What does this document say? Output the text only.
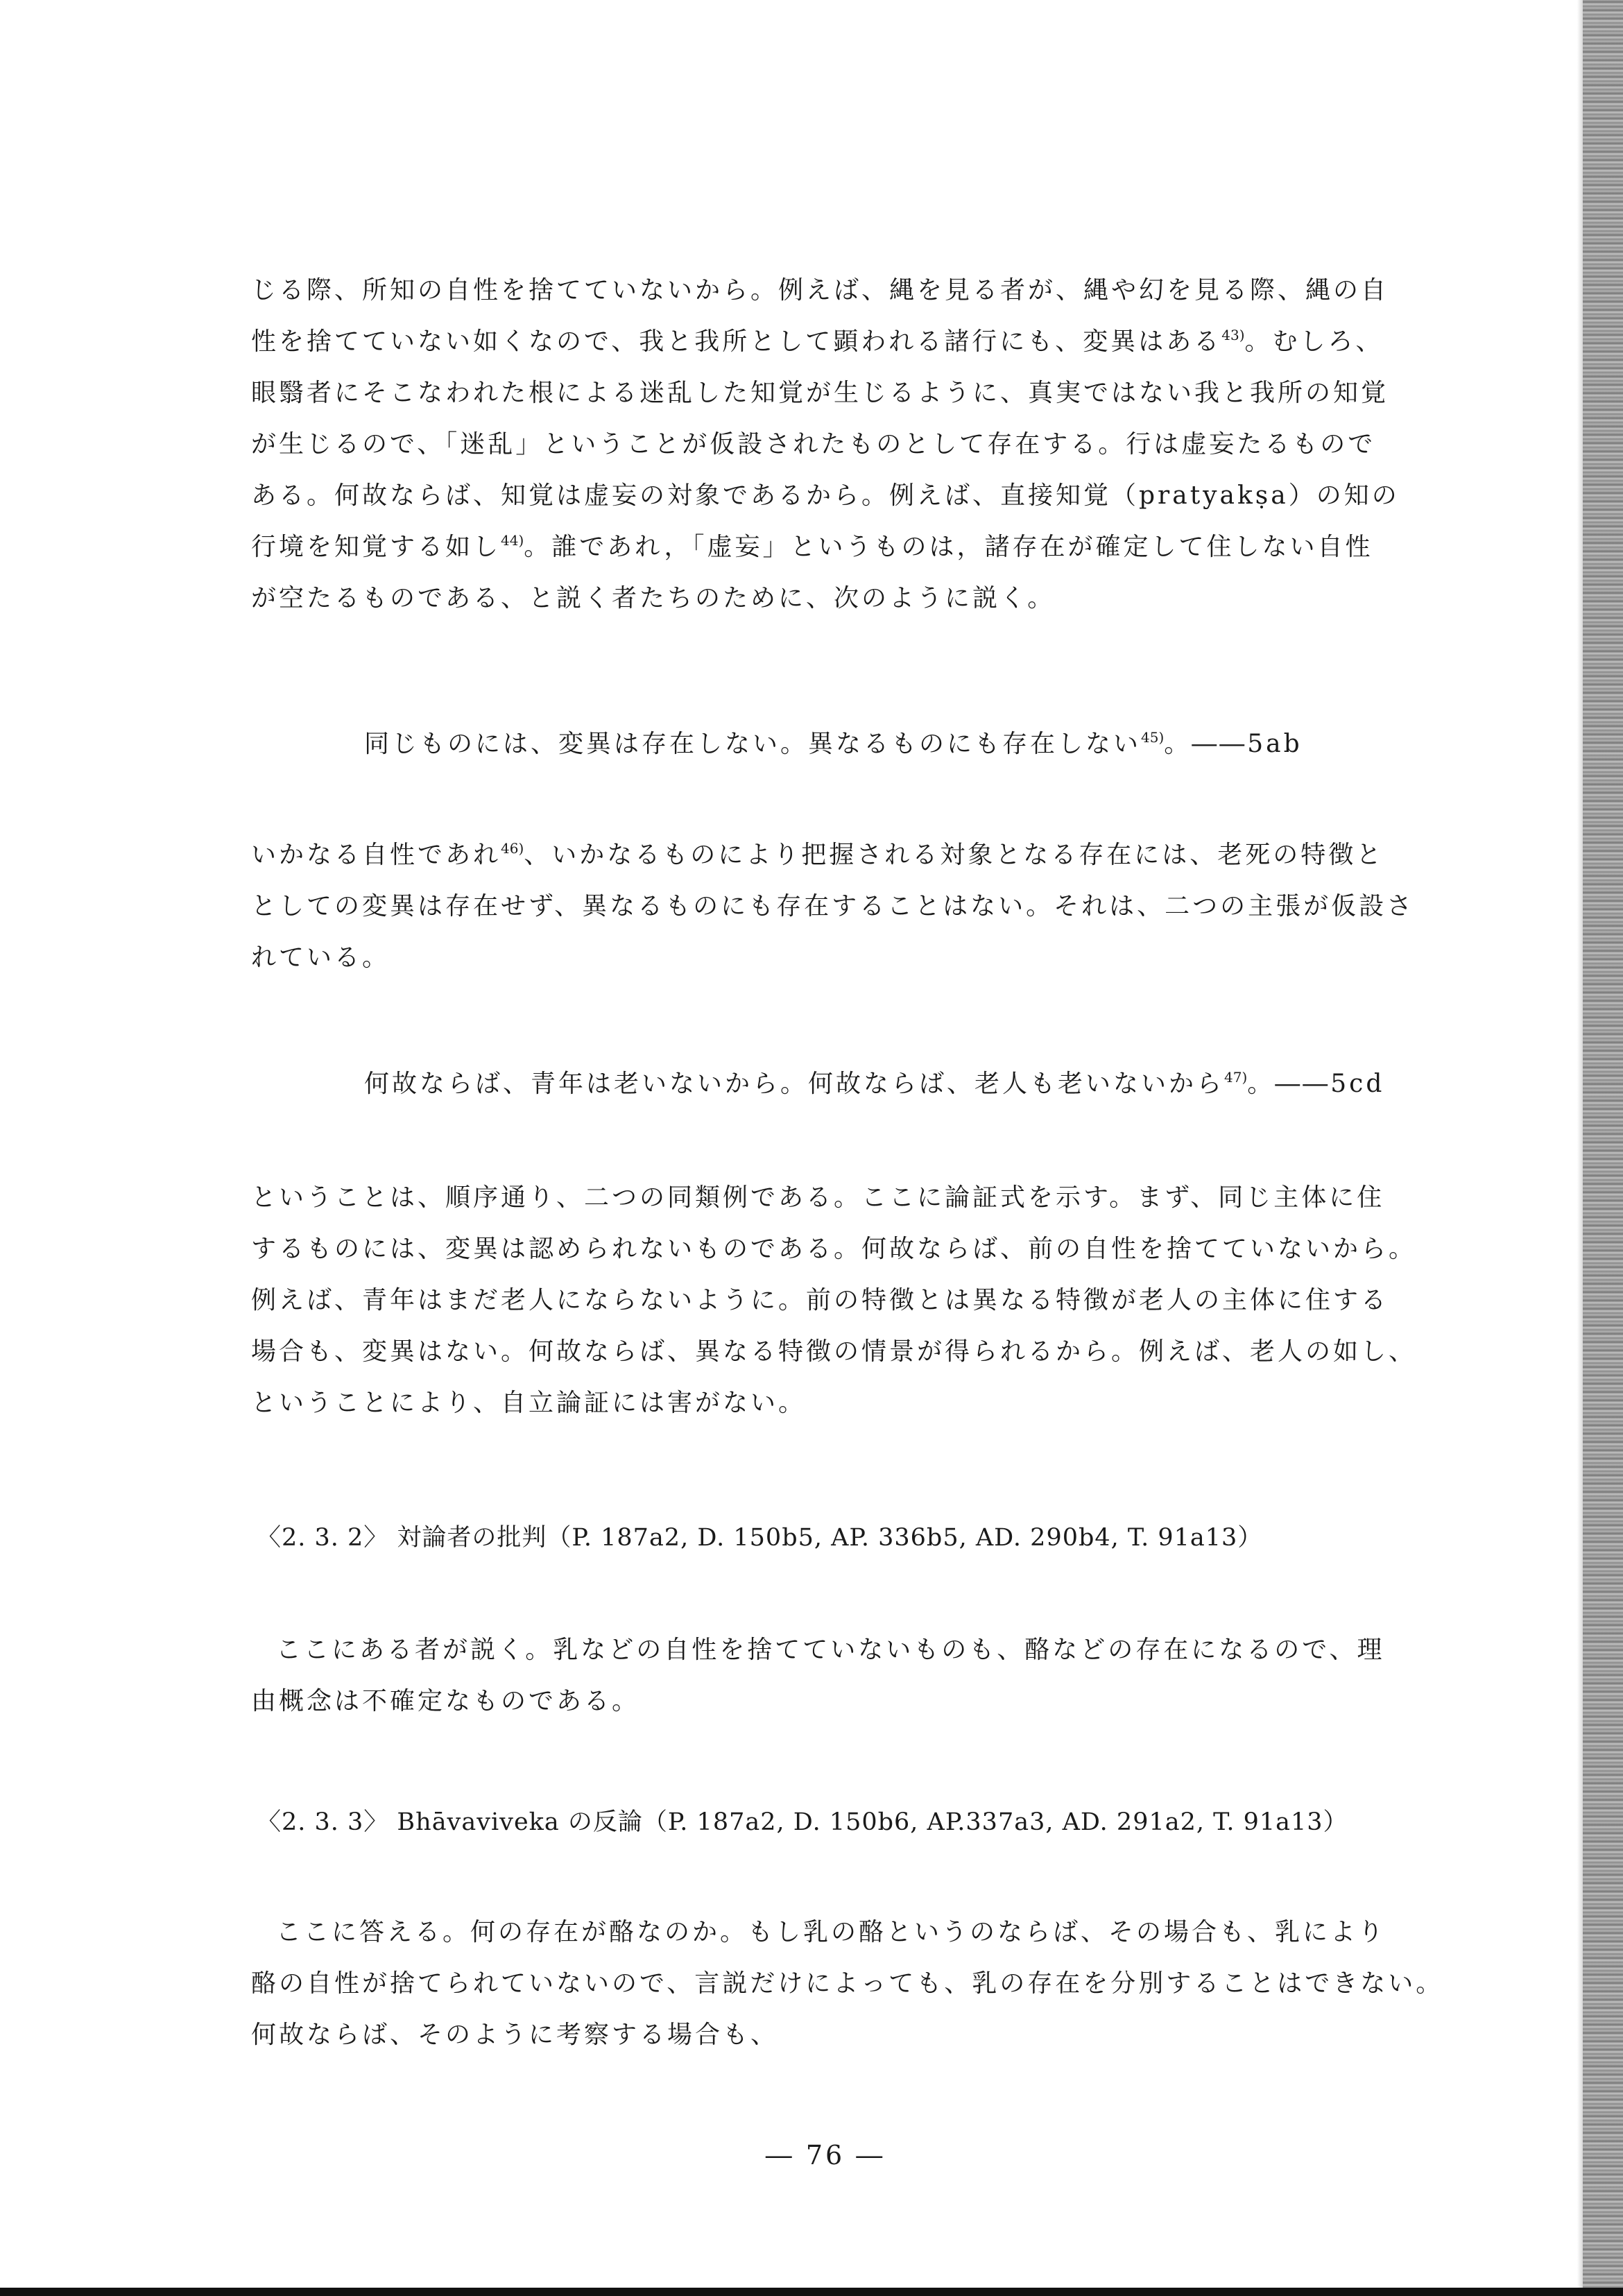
じる際、所知の自性を捨てていないから。例えば、縄を見る者が、縄や幻を見る際、縄の自
性を捨てていない如くなので、我と我所として顕われる諸行にも、変異はある$^{43)}$。むしろ、
眼翳者にそこなわれた根による迷乱した知覚が生じるように、真実ではない我と我所の知覚
が生じるので、「迷乱」ということが仮設されたものとして存在する。行は虚妄たるもので
ある。何故ならば、知覚は虚妄の対象であるから。例えば、直接知覚（pratyakṣa）の知の
行境を知覚する如し$^{44)}$。誰であれ，「虚妄」というものは，諸存在が確定して住しない自性
が空たるものである、と説く者たちのために、次のように説く。
同じものには、変異は存在しない。異なるものにも存在しない$^{45)}$。――5ab
いかなる自性であれ$^{46)}$、いかなるものにより把握される対象となる存在には、老死の特徴と
としての変異は存在せず、異なるものにも存在することはない。それは、二つの主張が仮設さ
れている。
何故ならば、青年は老いないから。何故ならば、老人も老いないから$^{47)}$。――5cd
ということは、順序通り、二つの同類例である。ここに論証式を示す。まず、同じ主体に住
するものには、変異は認められないものである。何故ならば、前の自性を捨てていないから。
例えば、青年はまだ老人にならないように。前の特徴とは異なる特徴が老人の主体に住する
場合も、変異はない。何故ならば、異なる特徴の情景が得られるから。例えば、老人の如し、
ということにより、自立論証には害がない。
〈2. 3. 2〉 対論者の批判（P. 187a2, D. 150b5, AP. 336b5, AD. 290b4, T. 91a13）
ここにある者が説く。乳などの自性を捨てていないものも、酪などの存在になるので、理
由概念は不確定なものである。
〈2. 3. 3〉 Bhāvaviveka の反論（P. 187a2, D. 150b6, AP.337a3, AD. 291a2, T. 91a13）
ここに答える。何の存在が酪なのか。もし乳の酪というのならば、その場合も、乳により
酪の自性が捨てられていないので、言説だけによっても、乳の存在を分別することはできない。
何故ならば、そのように考察する場合も、
― 76 ―
